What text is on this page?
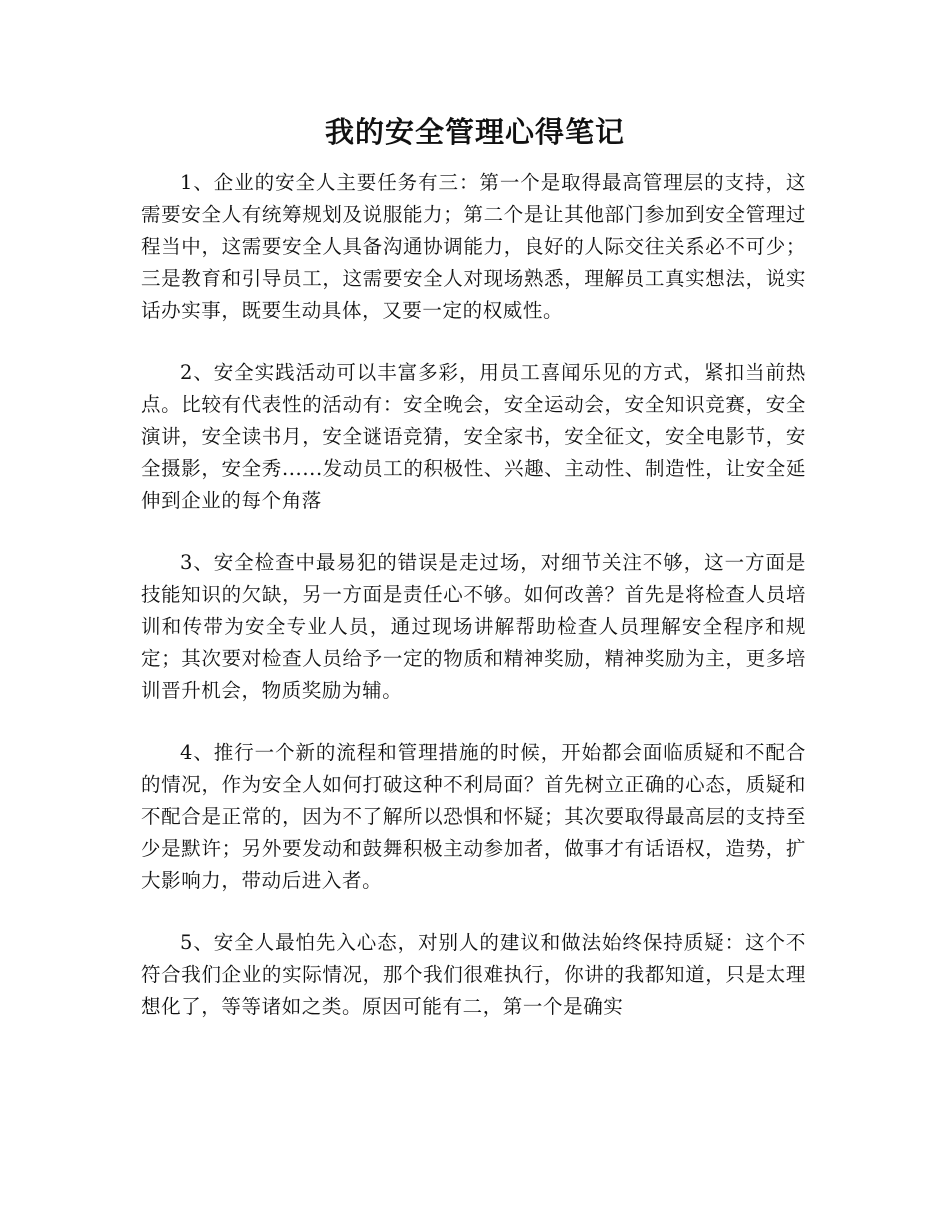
我的安全管理心得笔记

1、企业的安全人主要任务有三：第一个是取得最高管理层的支持，这需要安全人有统筹规划及说服能力；第二个是让其他部门参加到安全管理过程当中，这需要安全人具备沟通协调能力，良好的人际交往关系必不可少；三是教育和引导员工，这需要安全人对现场熟悉，理解员工真实想法，说实话办实事，既要生动具体，又要一定的权威性。

2、安全实践活动可以丰富多彩，用员工喜闻乐见的方式，紧扣当前热点。比较有代表性的活动有：安全晚会，安全运动会，安全知识竞赛，安全演讲，安全读书月，安全谜语竞猜，安全家书，安全征文，安全电影节，安全摄影，安全秀......发动员工的积极性、兴趣、主动性、制造性，让安全延伸到企业的每个角落

3、安全检查中最易犯的错误是走过场，对细节关注不够，这一方面是技能知识的欠缺，另一方面是责任心不够。如何改善？首先是将检查人员培训和传带为安全专业人员，通过现场讲解帮助检查人员理解安全程序和规定；其次要对检查人员给予一定的物质和精神奖励，精神奖励为主，更多培训晋升机会，物质奖励为辅。

4、推行一个新的流程和管理措施的时候，开始都会面临质疑和不配合的情况，作为安全人如何打破这种不利局面？首先树立正确的心态，质疑和不配合是正常的，因为不了解所以恐惧和怀疑；其次要取得最高层的支持至少是默许；另外要发动和鼓舞积极主动参加者，做事才有话语权，造势，扩大影响力，带动后进入者。

5、安全人最怕先入心态，对别人的建议和做法始终保持质疑：这个不符合我们企业的实际情况，那个我们很难执行，你讲的我都知道，只是太理想化了，等等诸如之类。原因可能有二，第一个是确实
